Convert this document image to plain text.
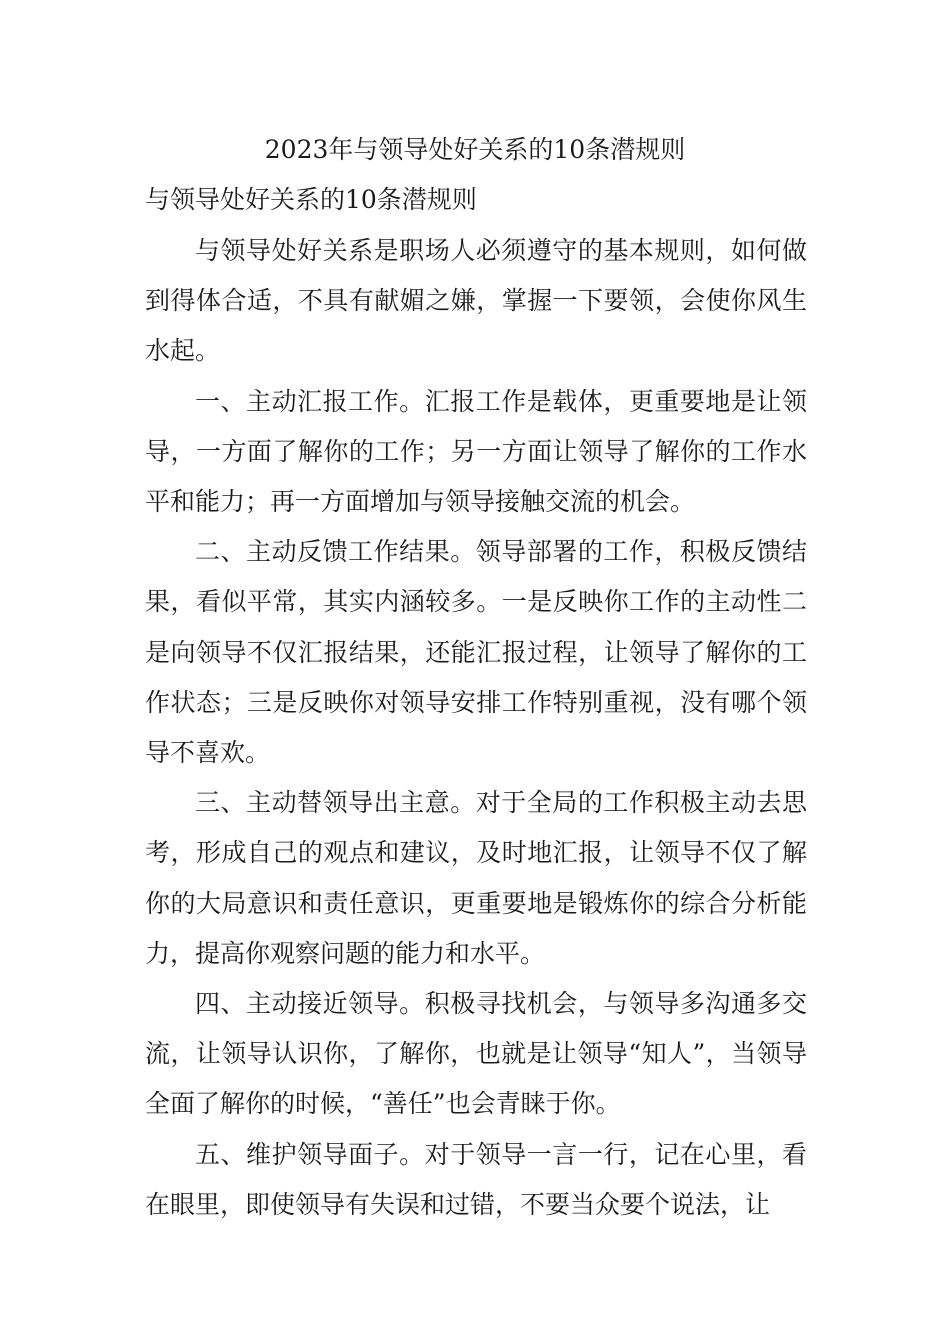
2023年与领导处好关系的10条潜规则

与领导处好关系的10条潜规则

与领导处好关系是职场人必须遵守的基本规则，如何做到得体合适，不具有献媚之嫌，掌握一下要领，会使你风生水起。

一、主动汇报工作。汇报工作是载体，更重要地是让领导，一方面了解你的工作；另一方面让领导了解你的工作水平和能力；再一方面增加与领导接触交流的机会。

二、主动反馈工作结果。领导部署的工作，积极反馈结果，看似平常，其实内涵较多。一是反映你工作的主动性二是向领导不仅汇报结果，还能汇报过程，让领导了解你的工作状态；三是反映你对领导安排工作特别重视，没有哪个领导不喜欢。

三、主动替领导出主意。对于全局的工作积极主动去思考，形成自己的观点和建议，及时地汇报，让领导不仅了解你的大局意识和责任意识，更重要地是锻炼你的综合分析能力，提高你观察问题的能力和水平。

四、主动接近领导。积极寻找机会，与领导多沟通多交流，让领导认识你，了解你，也就是让领导“知人”，当领导全面了解你的时候，“善任”也会青睐于你。

五、维护领导面子。对于领导一言一行，记在心里，看在眼里，即使领导有失误和过错，不要当众要个说法，让
